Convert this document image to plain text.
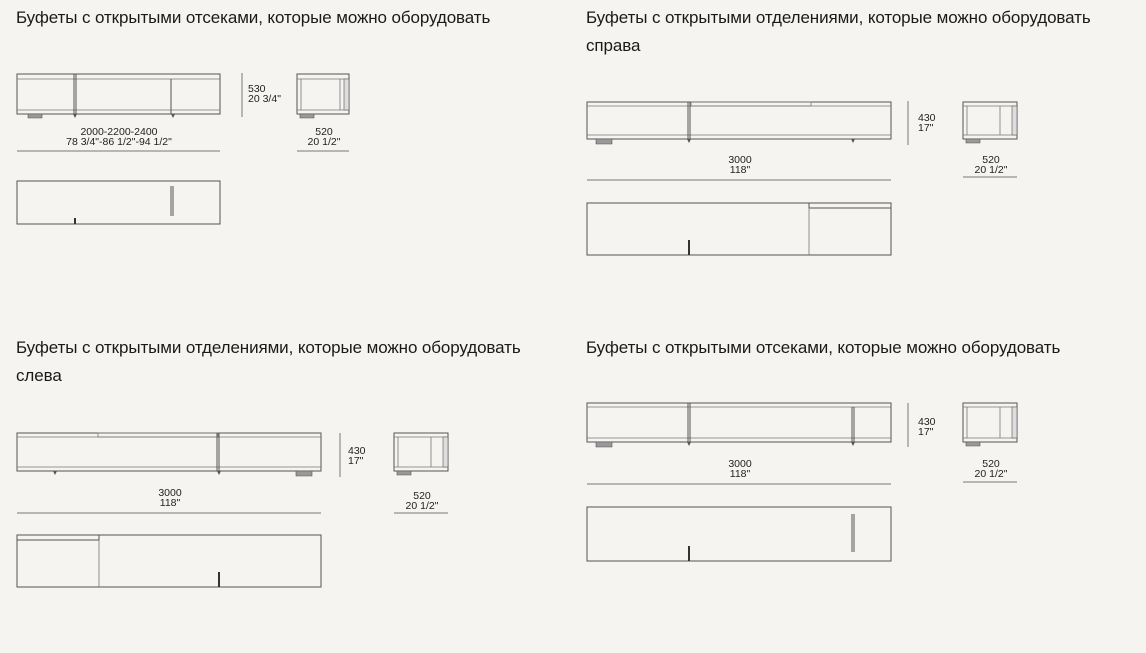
Буфеты с открытыми отсеками, которые можно оборудовать
530
20 3/4"
2000-2200-2400
78 3/4"-86 1/2"-94 1/2"
520
20 1/2"
Буфеты с открытыми отделениями, которые можно оборудовать справа
430
17"
3000
118"
520
20 1/2"
Буфеты с открытыми отделениями, которые можно оборудовать слева
430
17"
3000
118"
520
20 1/2"
Буфеты с открытыми отсеками, которые можно оборудовать
430
17"
3000
118"
520
20 1/2"
